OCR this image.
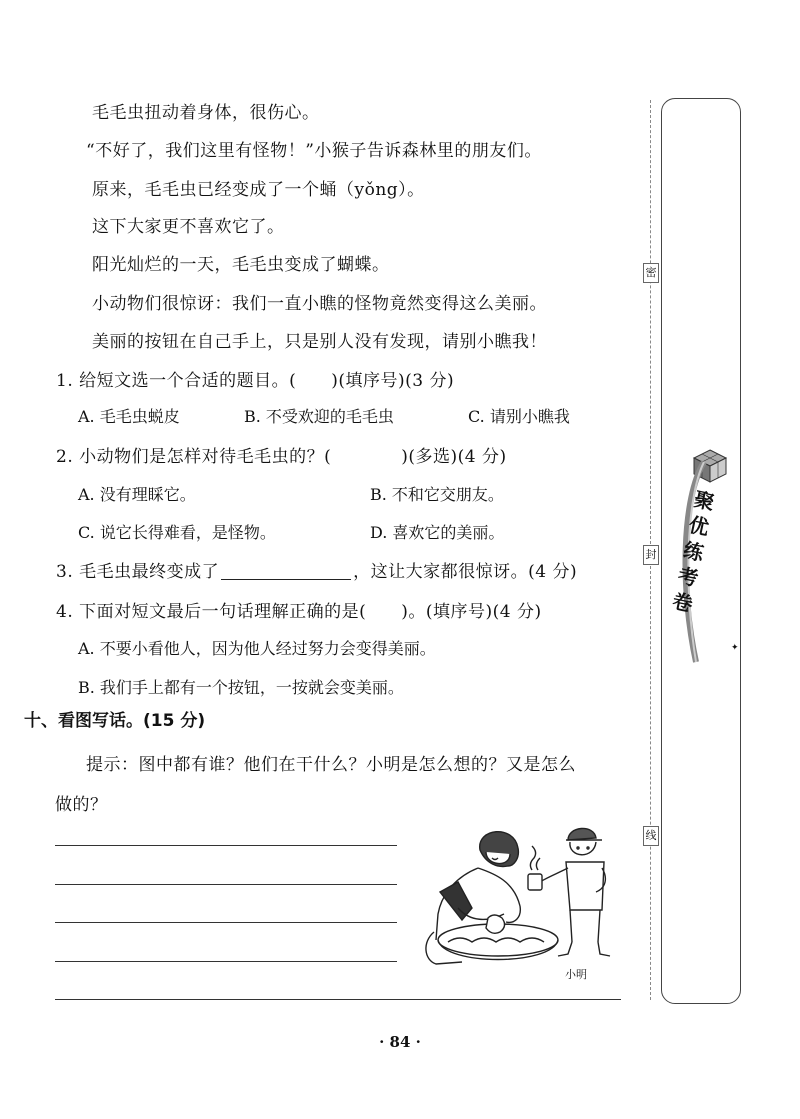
毛毛虫扭动着身体，很伤心。
“不好了，我们这里有怪物！”小猴子告诉森林里的朋友们。
原来，毛毛虫已经变成了一个蛹（yǒng）。
这下大家更不喜欢它了。
阳光灿烂的一天，毛毛虫变成了蝴蝶。
小动物们很惊讶：我们一直小瞧的怪物竟然变得这么美丽。
美丽的按钮在自己手上，只是别人没有发现，请别小瞧我！
1. 给短文选一个合适的题目。(　　)(填序号)(3 分)
A. 毛毛虫蜕皮	B. 不受欢迎的毛毛虫	C. 请别小瞧我
2. 小动物们是怎样对待毛毛虫的？(　　　　)(多选)(4 分)
A. 没有理睬它。	B. 不和它交朋友。
C. 说它长得难看，是怪物。	D. 喜欢它的美丽。
3. 毛毛虫最终变成了	，这让大家都很惊讶。(4 分)
4. 下面对短文最后一句话理解正确的是(　　)。(填序号)(4 分)
A. 不要小看他人，因为他人经过努力会变得美丽。
B. 我们手上都有一个按钮，一按就会变美丽。
十、看图写话。(15 分)
提示：图中都有谁？他们在干什么？小明是怎么想的？又是怎么
做的？
小明
密
封
线
聚优练考卷
✦
· 84 ·
